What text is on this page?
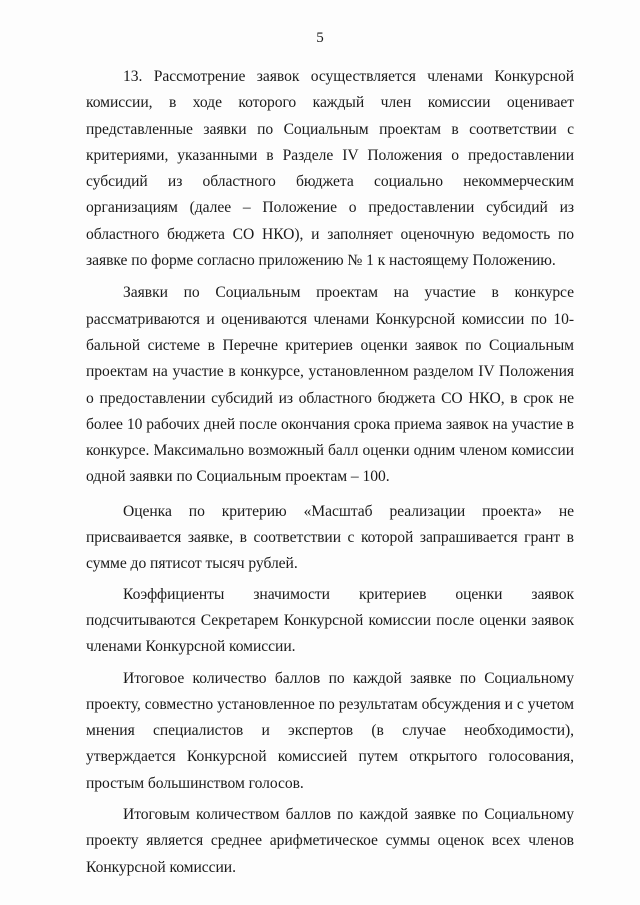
5

13. Рассмотрение заявок осуществляется членами Конкурсной комиссии, в ходе которого каждый член комиссии оценивает представленные заявки по Социальным проектам в соответствии с критериями, указанными в Разделе IV Положения о предоставлении субсидий из областного бюджета социально некоммерческим организациям (далее – Положение о предоставлении субсидий из областного бюджета СО НКО), и заполняет оценочную ведомость по заявке по форме согласно приложению № 1 к настоящему Положению.

Заявки по Социальным проектам на участие в конкурсе рассматриваются и оцениваются членами Конкурсной комиссии по 10-бальной системе в Перечне критериев оценки заявок по Социальным проектам на участие в конкурсе, установленном разделом IV Положения о предоставлении субсидий из областного бюджета СО НКО, в срок не более 10 рабочих дней после окончания срока приема заявок на участие в конкурсе. Максимально возможный балл оценки одним членом комиссии одной заявки по Социальным проектам – 100.

Оценка по критерию «Масштаб реализации проекта» не присваивается заявке, в соответствии с которой запрашивается грант в сумме до пятисот тысяч рублей.

Коэффициенты значимости критериев оценки заявок подсчитываются Секретарем Конкурсной комиссии после оценки заявок членами Конкурсной комиссии.

Итоговое количество баллов по каждой заявке по Социальному проекту, совместно установленное по результатам обсуждения и с учетом мнения специалистов и экспертов (в случае необходимости), утверждается Конкурсной комиссией путем открытого голосования, простым большинством голосов.

Итоговым количеством баллов по каждой заявке по Социальному проекту является среднее арифметическое суммы оценок всех членов Конкурсной комиссии.
